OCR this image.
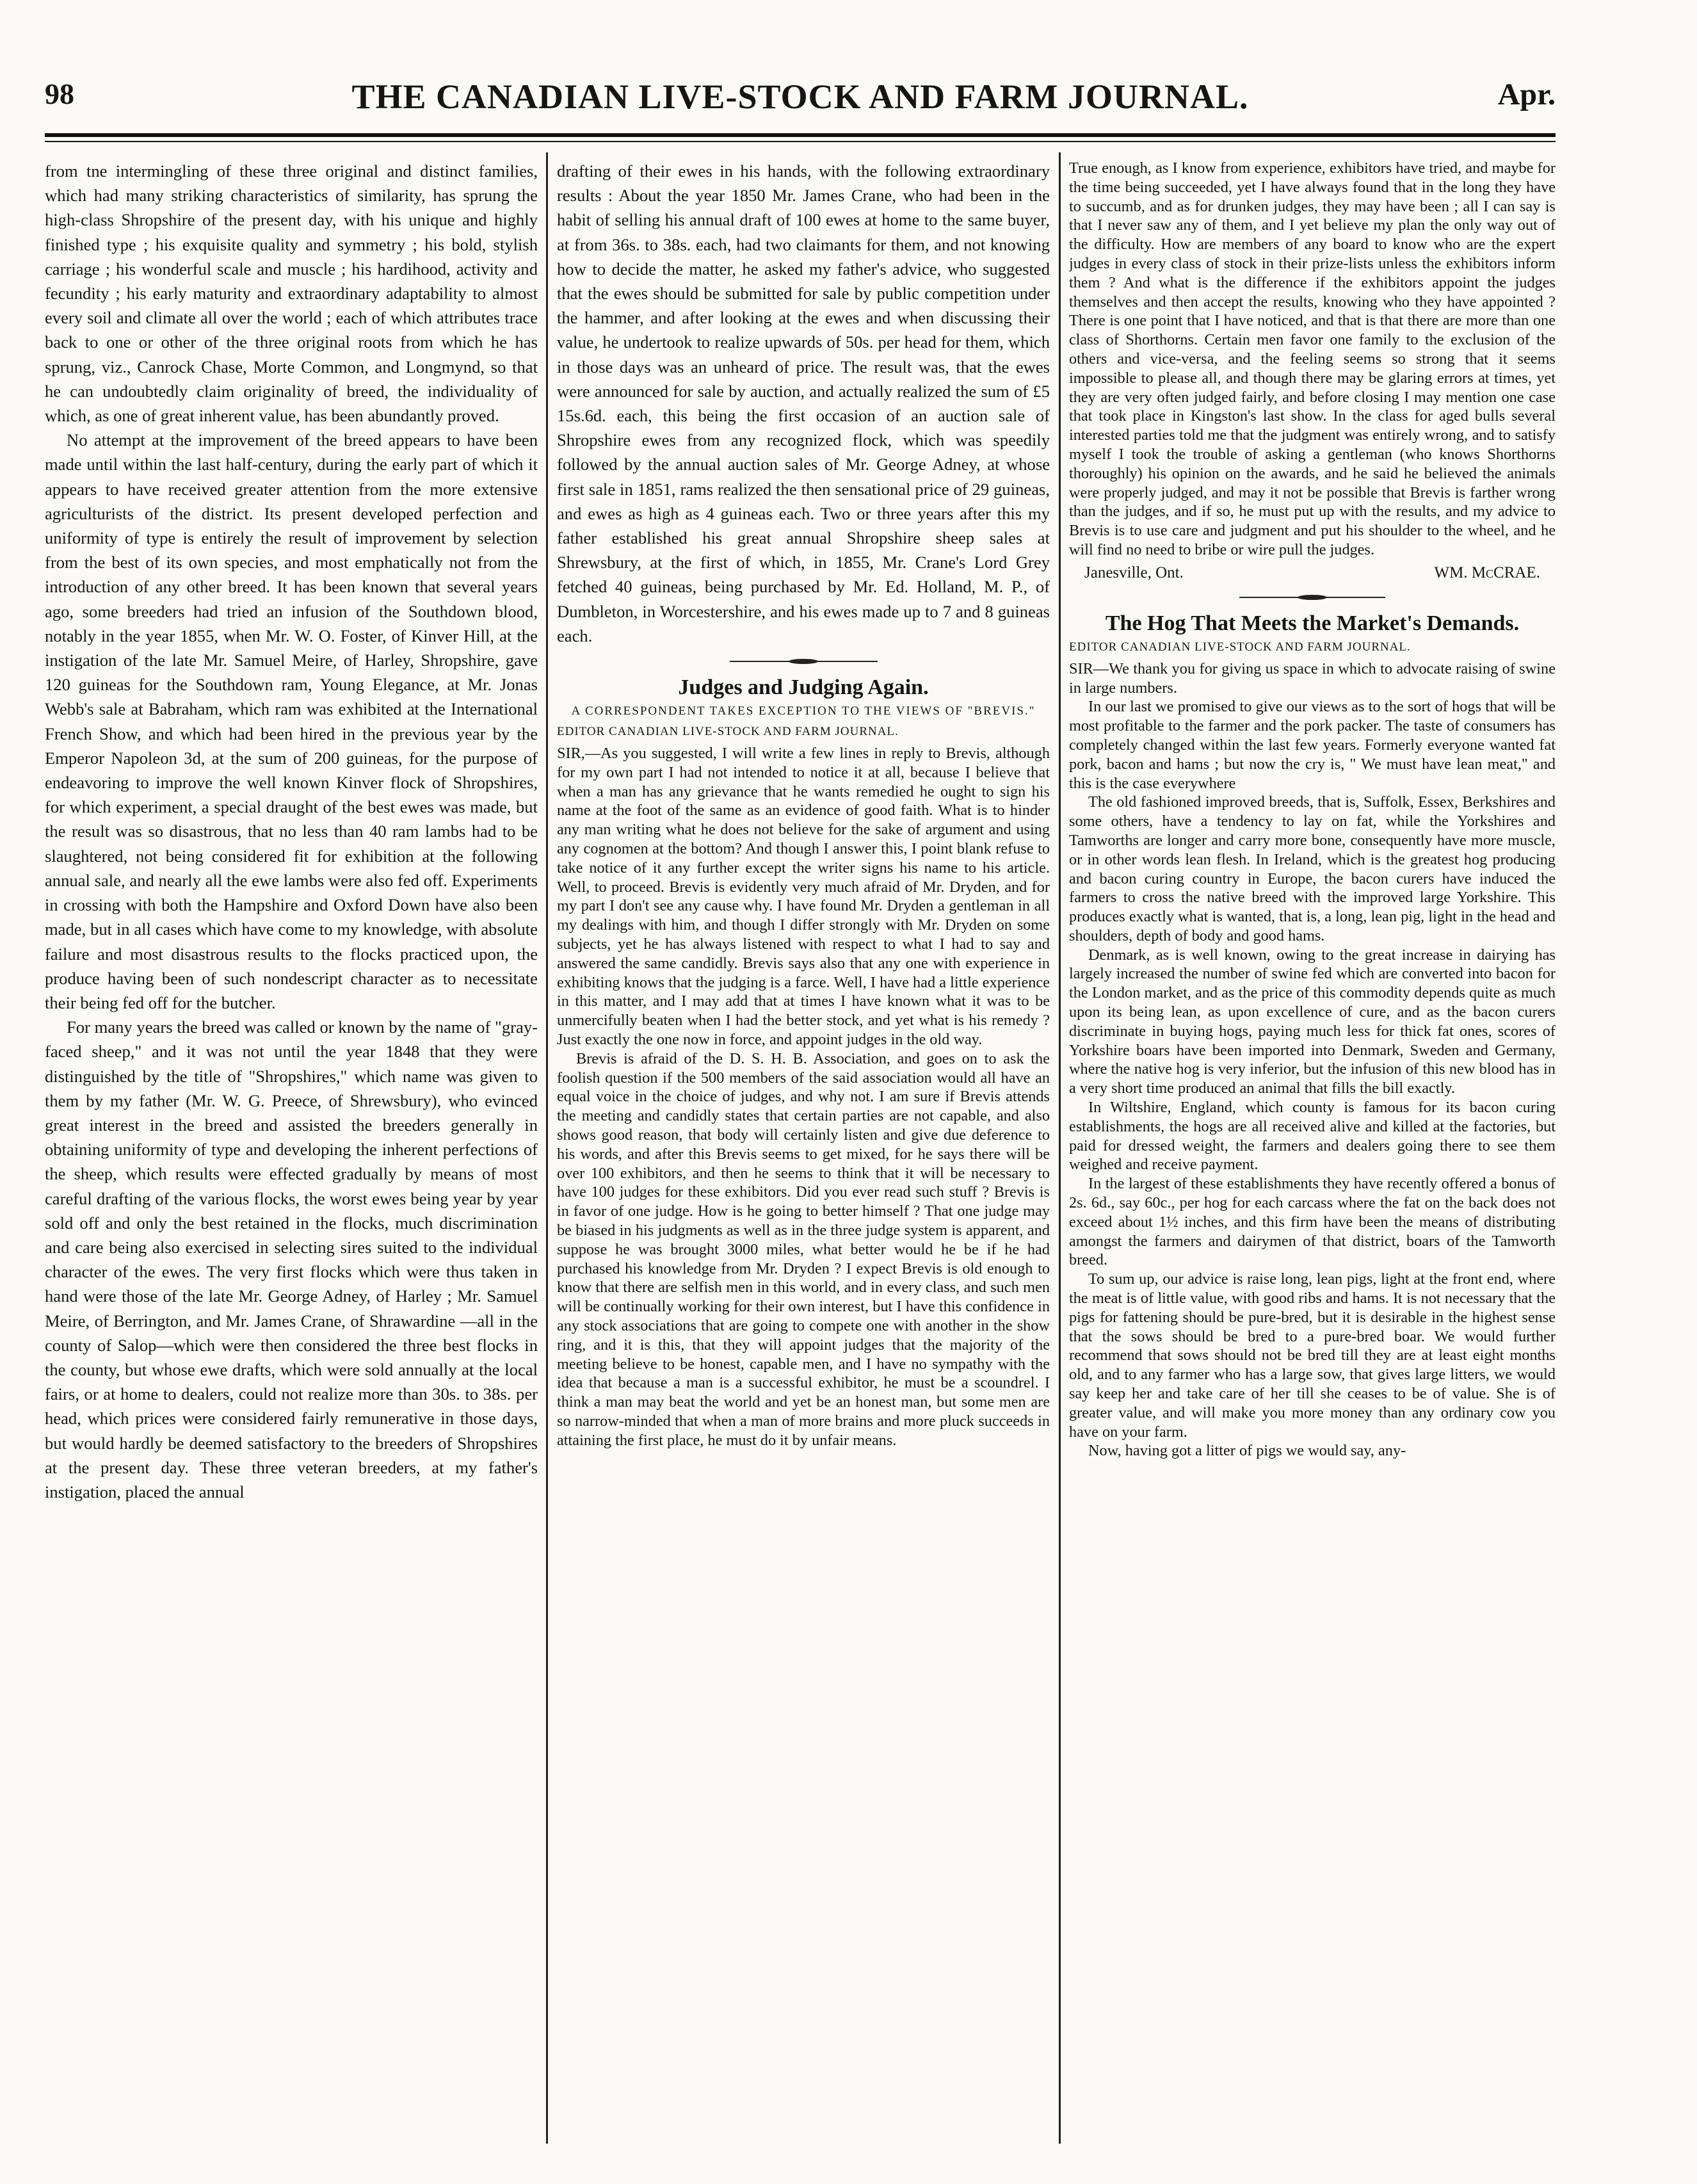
98	THE CANADIAN LIVE-STOCK AND FARM JOURNAL.	Apr.

from tne intermingling of these three original and distinct families, which had many striking characteristics of similarity, has sprung the high-class Shropshire of the present day, with his unique and highly finished type ; his exquisite quality and symmetry ; his bold, stylish carriage ; his wonderful scale and muscle ; his hardihood, activity and fecundity ; his early maturity and extraordinary adaptability to almost every soil and climate all over the world ; each of which attributes trace back to one or other of the three original roots from which he has sprung, viz., Canrock Chase, Morte Common, and Longmynd, so that he can undoubtedly claim originality of breed, the individuality of which, as one of great inherent value, has been abundantly proved.

No attempt at the improvement of the breed appears to have been made until within the last half-century, during the early part of which it appears to have received greater attention from the more extensive agriculturists of the district. Its present developed perfection and uniformity of type is entirely the result of improvement by selection from the best of its own species, and most emphatically not from the introduction of any other breed. It has been known that several years ago, some breeders had tried an infusion of the Southdown blood, notably in the year 1855, when Mr. W. O. Foster, of Kinver Hill, at the instigation of the late Mr. Samuel Meire, of Harley, Shropshire, gave 120 guineas for the Southdown ram, Young Elegance, at Mr. Jonas Webb's sale at Babraham, which ram was exhibited at the International French Show, and which had been hired in the previous year by the Emperor Napoleon 3d, at the sum of 200 guineas, for the purpose of endeavoring to improve the well known Kinver flock of Shropshires, for which experiment, a special draught of the best ewes was made, but the result was so disastrous, that no less than 40 ram lambs had to be slaughtered, not being considered fit for exhibition at the following annual sale, and nearly all the ewe lambs were also fed off. Experiments in crossing with both the Hampshire and Oxford Down have also been made, but in all cases which have come to my knowledge, with absolute failure and most disastrous results to the flocks practiced upon, the produce having been of such nondescript character as to necessitate their being fed off for the butcher.

For many years the breed was called or known by the name of "gray-faced sheep," and it was not until the year 1848 that they were distinguished by the title of "Shropshires," which name was given to them by my father (Mr. W. G. Preece, of Shrewsbury), who evinced great interest in the breed and assisted the breeders generally in obtaining uniformity of type and developing the inherent perfections of the sheep, which results were effected gradually by means of most careful drafting of the various flocks, the worst ewes being year by year sold off and only the best retained in the flocks, much discrimination and care being also exercised in selecting sires suited to the individual character of the ewes. The very first flocks which were thus taken in hand were those of the late Mr. George Adney, of Harley ; Mr. Samuel Meire, of Berrington, and Mr. James Crane, of Shrawardine —all in the county of Salop—which were then considered the three best flocks in the county, but whose ewe drafts, which were sold annually at the local fairs, or at home to dealers, could not realize more than 30s. to 38s. per head, which prices were considered fairly remunerative in those days, but would hardly be deemed satisfactory to the breeders of Shropshires at the present day. These three veteran breeders, at my father's instigation, placed the annual

drafting of their ewes in his hands, with the following extraordinary results : About the year 1850 Mr. James Crane, who had been in the habit of selling his annual draft of 100 ewes at home to the same buyer, at from 36s. to 38s. each, had two claimants for them, and not knowing how to decide the matter, he asked my father's advice, who suggested that the ewes should be submitted for sale by public competition under the hammer, and after looking at the ewes and when discussing their value, he undertook to realize upwards of 50s. per head for them, which in those days was an unheard of price. The result was, that the ewes were announced for sale by auction, and actually realized the sum of £5 15s.6d. each, this being the first occasion of an auction sale of Shropshire ewes from any recognized flock, which was speedily followed by the annual auction sales of Mr. George Adney, at whose first sale in 1851, rams realized the then sensational price of 29 guineas, and ewes as high as 4 guineas each. Two or three years after this my father established his great annual Shropshire sheep sales at Shrewsbury, at the first of which, in 1855, Mr. Crane's Lord Grey fetched 40 guineas, being purchased by Mr. Ed. Holland, M. P., of Dumbleton, in Worcestershire, and his ewes made up to 7 and 8 guineas each.

Judges and Judging Again.
A CORRESPONDENT TAKES EXCEPTION TO THE VIEWS OF "BREVIS."
EDITOR CANADIAN LIVE-STOCK AND FARM JOURNAL.

SIR,—As you suggested, I will write a few lines in reply to Brevis, although for my own part I had not intended to notice it at all, because I believe that when a man has any grievance that he wants remedied he ought to sign his name at the foot of the same as an evidence of good faith. What is to hinder any man writing what he does not believe for the sake of argument and using any cognomen at the bottom? And though I answer this, I point blank refuse to take notice of it any further except the writer signs his name to his article. Well, to proceed. Brevis is evidently very much afraid of Mr. Dryden, and for my part I don't see any cause why. I have found Mr. Dryden a gentleman in all my dealings with him, and though I differ strongly with Mr. Dryden on some subjects, yet he has always listened with respect to what I had to say and answered the same candidly. Brevis says also that any one with experience in exhibiting knows that the judging is a farce. Well, I have had a little experience in this matter, and I may add that at times I have known what it was to be unmercifully beaten when I had the better stock, and yet what is his remedy ? Just exactly the one now in force, and appoint judges in the old way.

Brevis is afraid of the D. S. H. B. Association, and goes on to ask the foolish question if the 500 members of the said association would all have an equal voice in the choice of judges, and why not. I am sure if Brevis attends the meeting and candidly states that certain parties are not capable, and also shows good reason, that body will certainly listen and give due deference to his words, and after this Brevis seems to get mixed, for he says there will be over 100 exhibitors, and then he seems to think that it will be necessary to have 100 judges for these exhibitors. Did you ever read such stuff ? Brevis is in favor of one judge. How is he going to better himself ? That one judge may be biased in his judgments as well as in the three judge system is apparent, and suppose he was brought 3000 miles, what better would he be if he had purchased his knowledge from Mr. Dryden ? I expect Brevis is old enough to know that there are selfish men in this world, and in every class, and such men will be continually working for their own interest, but I have this confidence in any stock associations that are going to compete one with another in the show ring, and it is this, that they will appoint judges that the majority of the meeting believe to be honest, capable men, and I have no sympathy with the idea that because a man is a successful exhibitor, he must be a scoundrel. I think a man may beat the world and yet be an honest man, but some men are so narrow-minded that when a man of more brains and more pluck succeeds in attaining the first place, he must do it by unfair means.

True enough, as I know from experience, exhibitors have tried, and maybe for the time being succeeded, yet I have always found that in the long they have to succumb, and as for drunken judges, they may have been ; all I can say is that I never saw any of them, and I yet believe my plan the only way out of the difficulty. How are members of any board to know who are the expert judges in every class of stock in their prize-lists unless the exhibitors inform them ? And what is the difference if the exhibitors appoint the judges themselves and then accept the results, knowing who they have appointed ? There is one point that I have noticed, and that is that there are more than one class of Shorthorns. Certain men favor one family to the exclusion of the others and vice-versa, and the feeling seems so strong that it seems impossible to please all, and though there may be glaring errors at times, yet they are very often judged fairly, and before closing I may mention one case that took place in Kingston's last show. In the class for aged bulls several interested parties told me that the judgment was entirely wrong, and to satisfy myself I took the trouble of asking a gentleman (who knows Shorthorns thoroughly) his opinion on the awards, and he said he believed the animals were properly judged, and may it not be possible that Brevis is farther wrong than the judges, and if so, he must put up with the results, and my advice to Brevis is to use care and judgment and put his shoulder to the wheel, and he will find no need to bribe or wire pull the judges.

Janesville, Ont.	WM. McCRAE.
The Hog That Meets the Market's Demands.
EDITOR CANADIAN LIVE-STOCK AND FARM JOURNAL.

SIR—We thank you for giving us space in which to advocate raising of swine in large numbers.

In our last we promised to give our views as to the sort of hogs that will be most profitable to the farmer and the pork packer. The taste of consumers has completely changed within the last few years. Formerly everyone wanted fat pork, bacon and hams ; but now the cry is, " We must have lean meat," and this is the case everywhere

The old fashioned improved breeds, that is, Suffolk, Essex, Berkshires and some others, have a tendency to lay on fat, while the Yorkshires and Tamworths are longer and carry more bone, consequently have more muscle, or in other words lean flesh. In Ireland, which is the greatest hog producing and bacon curing country in Europe, the bacon curers have induced the farmers to cross the native breed with the improved large Yorkshire. This produces exactly what is wanted, that is, a long, lean pig, light in the head and shoulders, depth of body and good hams.

Denmark, as is well known, owing to the great increase in dairying has largely increased the number of swine fed which are converted into bacon for the London market, and as the price of this commodity depends quite as much upon its being lean, as upon excellence of cure, and as the bacon curers discriminate in buying hogs, paying much less for thick fat ones, scores of Yorkshire boars have been imported into Denmark, Sweden and Germany, where the native hog is very inferior, but the infusion of this new blood has in a very short time produced an animal that fills the bill exactly.

In Wiltshire, England, which county is famous for its bacon curing establishments, the hogs are all received alive and killed at the factories, but paid for dressed weight, the farmers and dealers going there to see them weighed and receive payment.

In the largest of these establishments they have recently offered a bonus of 2s. 6d., say 60c., per hog for each carcass where the fat on the back does not exceed about 1½ inches, and this firm have been the means of distributing amongst the farmers and dairymen of that district, boars of the Tamworth breed.

To sum up, our advice is raise long, lean pigs, light at the front end, where the meat is of little value, with good ribs and hams. It is not necessary that the pigs for fattening should be pure-bred, but it is desirable in the highest sense that the sows should be bred to a pure-bred boar. We would further recommend that sows should not be bred till they are at least eight months old, and to any farmer who has a large sow, that gives large litters, we would say keep her and take care of her till she ceases to be of value. She is of greater value, and will make you more money than any ordinary cow you have on your farm.

Now, having got a litter of pigs we would say, any-
